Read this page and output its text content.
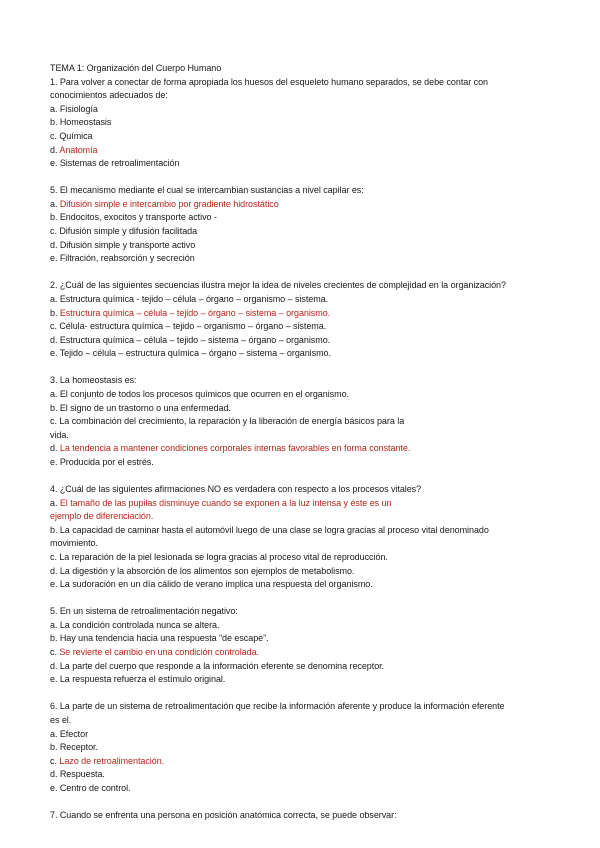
TEMA 1: Organización del Cuerpo Humano
1. Para volver a conectar de forma apropiada los huesos del esqueleto humano separados, se debe contar con
conocimientos adecuados de:
a. Fisiología
b. Homeostasis
c. Química
d. Anatomía
e. Sistemas de retroalimentación
5. El mecanismo mediante el cual se intercambian sustancias a nivel capilar es:
a. Difusión simple e intercambio por gradiente hidrostático
b. Endocitos, exocitos y transporte activo -
c. Difusión simple y difusión facilitada
d. Difusión simple y transporte activo
e. Filtración, reabsorción y secreción
2. ¿Cuál de las siguientes secuencias ilustra mejor la idea de niveles crecientes de complejidad en la organización?
a. Estructura química - tejido – célula – órgano – organismo – sistema.
b. Estructura química – célula – tejido – órgano – sistema – organismo.
c. Célula- estructura química – tejido – organismo – órgano – sistema.
d. Estructura química – célula – tejido – sistema – órgano – organismo.
e. Tejido – célula – estructura química – órgano – sistema – organismo.
3. La homeostasis es:
a. El conjunto de todos los procesos químicos que ocurren en el organismo.
b. El signo de un trastorno o una enfermedad.
c. La combinación del crecimiento, la reparación y la liberación de energía básicos para la
vida.
d. La tendencia a mantener condiciones corporales internas favorables en forma constante.
e. Producida por el estrés.
4. ¿Cuál de las siguientes afirmaciones NO es verdadera con respecto a los procesos vitales?
a. El tamaño de las pupilas disminuye cuando se exponen a la luz intensa y éste es un
ejemplo de diferenciación.
b. La capacidad de caminar hasta el automóvil luego de una clase se logra gracias al proceso vital denominado
movimiento.
c. La reparación de la piel lesionada se logra gracias al proceso vital de reproducción.
d. La digestión y la absorción de los alimentos son ejemplos de metabolismo.
e. La sudoración en un día cálido de verano implica una respuesta del organismo.
5. En un sistema de retroalimentación negativo:
a. La condición controlada nunca se altera.
b. Hay una tendencia hacia una respuesta “de escape”.
c. Se revierte el cambio en una condición controlada.
d. La parte del cuerpo que responde a la información eferente se denomina receptor.
e. La respuesta refuerza el estímulo original.
6. La parte de un sistema de retroalimentación que recibe la información aferente y produce la información eferente
es el.
a. Efector
b. Receptor.
c. Lazo de retroalimentación.
d. Respuesta.
e. Centro de control.
7. Cuando se enfrenta una persona en posición anatómica correcta, se puede observar:
